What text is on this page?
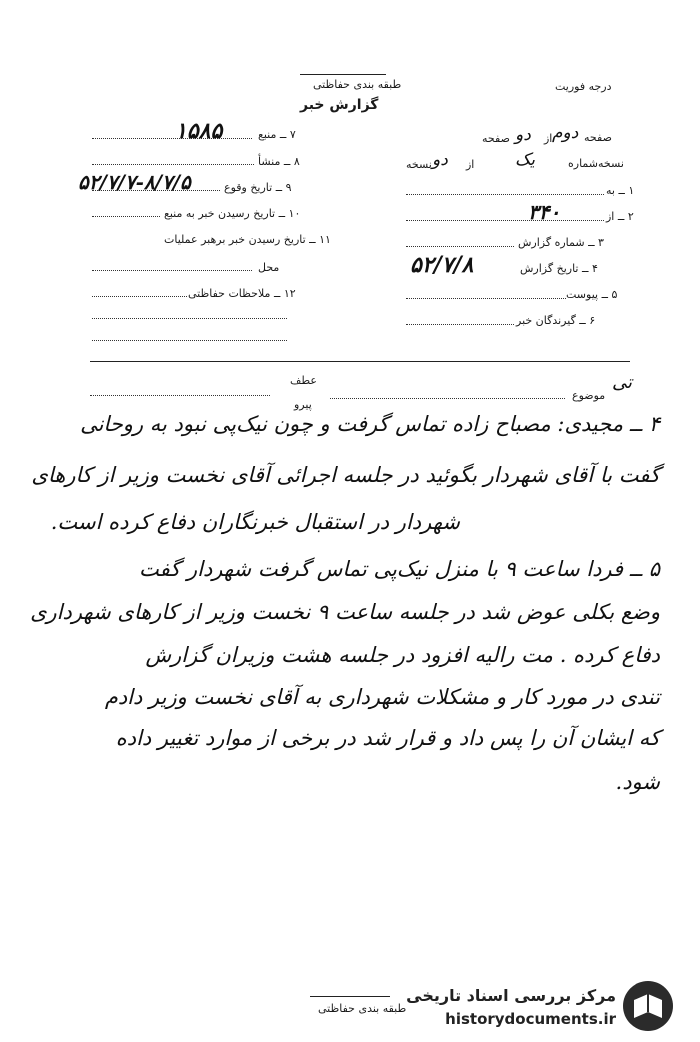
طبقه بندی حفاظتی	درجه فوریت
گزارش خبر
۷ ــ منبع
۸ ــ منشأ
۹ ــ تاریخ وقوع
۱۰ ــ تاریخ رسیدن خبر به منبع
۱۱ ــ تاریخ رسیدن خبر برهبر عملیات
محل
۱۲ ــ ملاحظات حفاظتی
صفحه
از
صفحه
نسخه‌شماره
از
نسخه
۱ ــ به
۲ ــ از
۳ ــ شماره گزارش
۴ ــ تاریخ گزارش
۵ ــ پیوست
۶ ــ گیرندگان خبر
عطف
پیرو
موضوع
۱۵۸۵
۵۲/۷/۷-۸/۷/۵
دوم
دو
یک
دو
۳۴۰
۵۲/۷/۸
تی
۴ ــ مجیدی: مصباح زاده تماس گرفت و چون نیک‌پی نبود به روحانی
گفت با آقای شهردار بگوئید در جلسه اجرائی آقای نخست وزیر از کارهای
شهردار در استقبال خبرنگاران دفاع کرده است.
۵ ــ فردا ساعت ۹ با منزل نیک‌پی تماس گرفت شهردار گفت
وضع بکلی عوض شد در جلسه ساعت ۹ نخست وزیر از کارهای شهرداری
دفاع کرده . مت رالیه افزود در جلسه هشت وزیران گزارش
تندی در مورد کار و مشکلات شهرداری به آقای نخست وزیر دادم
که ایشان آن را پس داد و قرار شد در برخی از موارد تغییر داده
شود.
طبقه بندی حفاظتی
مرکز بررسی اسناد تاریخی
historydocuments.ir
